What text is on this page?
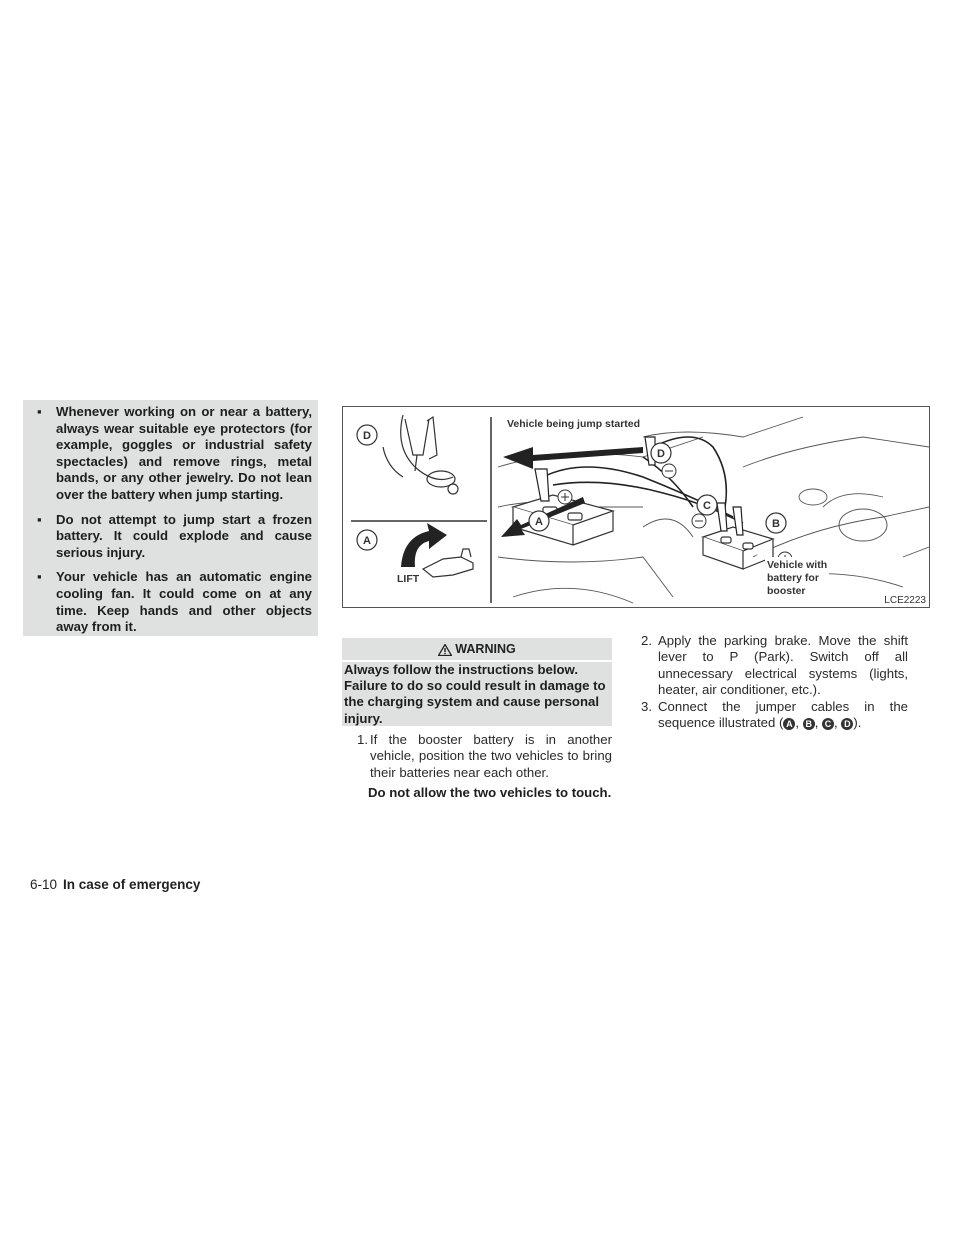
▪ Whenever working on or near a battery, always wear suitable eye protectors (for example, goggles or industrial safety spectacles) and remove rings, metal bands, or any other jewelry. Do not lean over the battery when jump starting.
▪ Do not attempt to jump start a frozen battery. It could explode and cause serious injury.
▪ Your vehicle has an automatic engine cooling fan. It could come on at any time. Keep hands and other objects away from it.
D
A
LIFT
A	B
C
D
Vehicle being jump started
Vehicle with
battery for
booster
LCE2223
WARNING
Always follow the instructions below. Failure to do so could result in damage to the charging system and cause personal injury.
1. If the booster battery is in another vehicle, position the two vehicles to bring their batteries near each other.
Do not allow the two vehicles to touch.
2. Apply the parking brake. Move the shift lever to P (Park). Switch off all unnecessary electrical systems (lights, heater, air conditioner, etc.).
3. Connect the jumper cables in the sequence illustrated ( A , B , C , D ).
6-10 In case of emergency
